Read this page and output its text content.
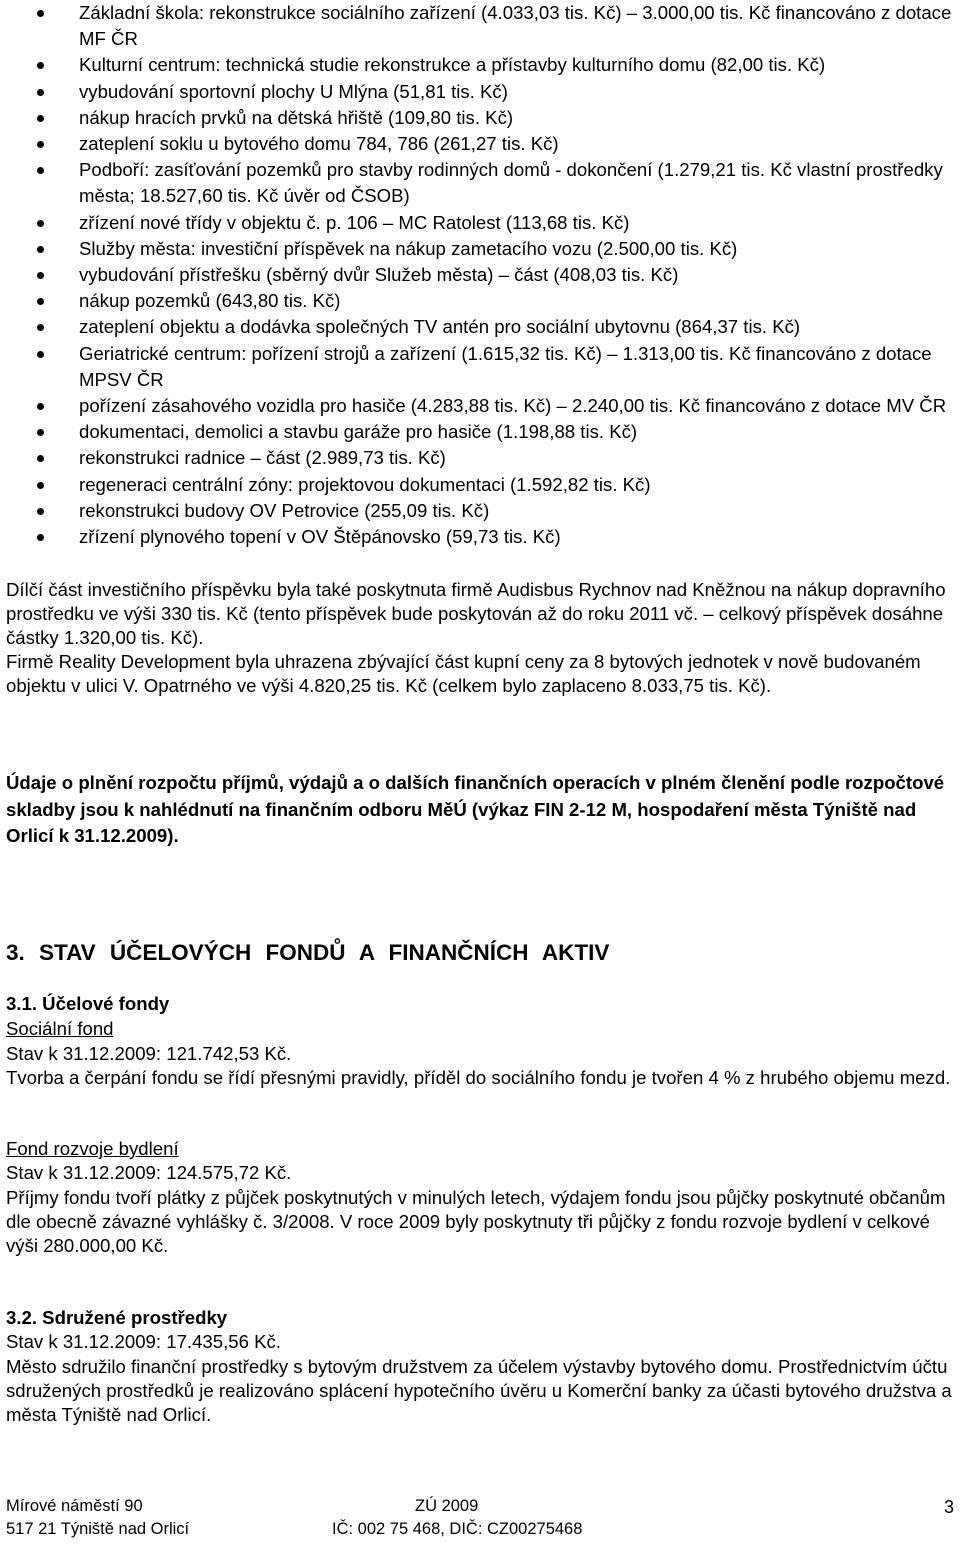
Základní škola: rekonstrukce sociálního zařízení (4.033,03 tis. Kč) – 3.000,00 tis. Kč financováno z dotace MF ČR
Kulturní centrum: technická studie rekonstrukce a přístavby kulturního domu (82,00 tis. Kč)
vybudování sportovní plochy U Mlýna (51,81 tis. Kč)
nákup hracích prvků na dětská hřiště (109,80 tis. Kč)
zateplení soklu u bytového domu 784, 786 (261,27 tis. Kč)
Podboří: zasíťování pozemků pro stavby rodinných domů - dokončení (1.279,21 tis. Kč vlastní prostředky města; 18.527,60 tis. Kč úvěr od ČSOB)
zřízení nové třídy v objektu č. p. 106 – MC Ratolest (113,68 tis. Kč)
Služby města: investiční příspěvek na nákup zametacího vozu (2.500,00 tis. Kč)
vybudování přístřešku (sběrný dvůr Služeb města) – část (408,03 tis. Kč)
nákup pozemků (643,80 tis. Kč)
zateplení objektu a dodávka společných TV antén pro sociální ubytovnu (864,37 tis. Kč)
Geriatrické centrum: pořízení strojů a zařízení (1.615,32 tis. Kč) – 1.313,00 tis. Kč financováno z dotace MPSV ČR
pořízení zásahového vozidla pro hasiče (4.283,88 tis. Kč) – 2.240,00 tis. Kč financováno z dotace MV ČR
dokumentaci, demolici a stavbu garáže pro hasiče (1.198,88 tis. Kč)
rekonstrukci radnice – část (2.989,73 tis. Kč)
regeneraci centrální zóny: projektovou dokumentaci (1.592,82 tis. Kč)
rekonstrukci budovy OV Petrovice (255,09 tis. Kč)
zřízení plynového topení v OV Štěpánovsko (59,73 tis. Kč)
Dílčí část investičního příspěvku byla také poskytnuta firmě Audisbus Rychnov nad Kněžnou na nákup dopravního prostředku ve výši 330 tis. Kč (tento příspěvek bude poskytován až do roku 2011 vč. – celkový příspěvek dosáhne částky 1.320,00 tis. Kč).
Firmě Reality Development byla uhrazena zbývající část kupní ceny za 8 bytových jednotek v nově budovaném objektu v ulici V. Opatrného ve výši 4.820,25 tis. Kč (celkem bylo zaplaceno 8.033,75 tis. Kč).
Údaje o plnění rozpočtu příjmů, výdajů a o dalších finančních operacích v plném členění podle rozpočtové skladby jsou k nahlédnutí na finančním odboru MěÚ (výkaz FIN 2-12 M, hospodaření města Týniště nad Orlicí k 31.12.2009).
3. STAV ÚČELOVÝCH FONDŮ A FINANČNÍCH AKTIV
3.1. Účelové fondy
Sociální fond
Stav k 31.12.2009: 121.742,53 Kč.
Tvorba a čerpání fondu se řídí přesnými pravidly, příděl do sociálního fondu je tvořen 4 % z hrubého objemu mezd.
Fond rozvoje bydlení
Stav k 31.12.2009: 124.575,72 Kč.
Příjmy fondu tvoří plátky z půjček poskytnutých v minulých letech, výdajem fondu jsou půjčky poskytnuté občanům dle obecně závazné vyhlášky č. 3/2008. V roce 2009 byly poskytnuty tři půjčky z fondu rozvoje bydlení v celkové výši 280.000,00 Kč.
3.2. Sdružené prostředky
Stav k 31.12.2009: 17.435,56 Kč.
Město sdružilo finanční prostředky s bytovým družstvem za účelem výstavby bytového domu. Prostřednictvím účtu sdružených prostředků je realizováno splácení hypotečního úvěru u Komerční banky za účasti bytového družstva a města Týniště nad Orlicí.
Mírové náměstí 90
517 21 Týniště nad Orlicí
ZÚ 2009
IČ: 002 75 468, DIČ: CZ00275468
3
